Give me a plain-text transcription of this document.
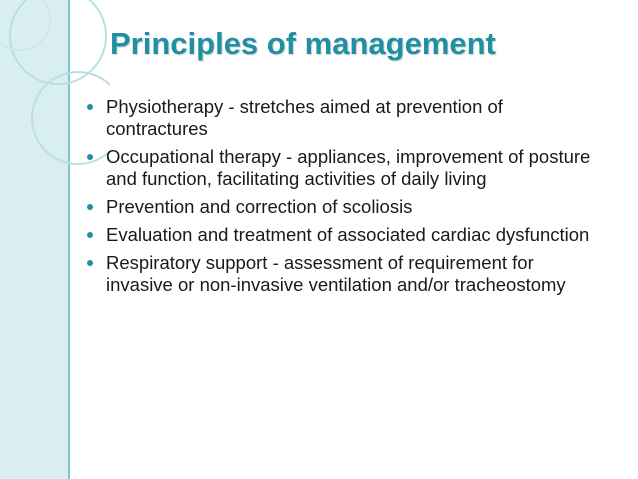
Principles of management
Physiotherapy - stretches aimed at prevention of contractures
Occupational therapy - appliances, improvement of posture and function, facilitating activities of daily living
Prevention and correction of scoliosis
Evaluation and treatment of associated cardiac dysfunction
Respiratory support - assessment of requirement for invasive or non-invasive ventilation and/or tracheostomy
